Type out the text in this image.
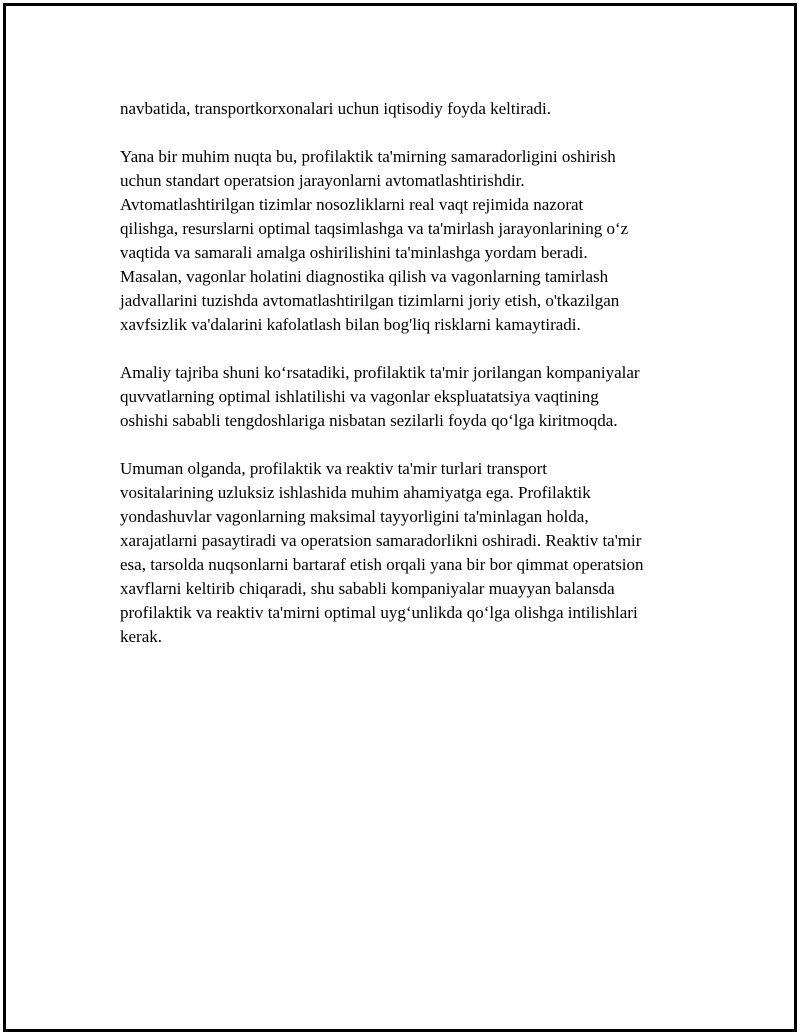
navbatida, transportkorxonalari uchun iqtisodiy foyda keltiradi.
Yana bir muhim nuqta bu, profilaktik ta'mirning samaradorligini oshirish
uchun standart operatsion jarayonlarni avtomatlashtirishdir.
Avtomatlashtirilgan tizimlar nosozliklarni real vaqt rejimida nazorat
qilishga, resurslarni optimal taqsimlashga va ta'mirlash jarayonlarining o‘z
vaqtida va samarali amalga oshirilishini ta'minlashga yordam beradi.
Masalan, vagonlar holatini diagnostika qilish va vagonlarning tamirlash
jadvallarini tuzishda avtomatlashtirilgan tizimlarni joriy etish, o'tkazilgan
xavfsizlik va'dalarini kafolatlash bilan bog'liq risklarni kamaytiradi.
Amaliy tajriba shuni ko‘rsatadiki, profilaktik ta'mir jorilangan kompaniyalar
quvvatlarning optimal ishlatilishi va vagonlar ekspluatatsiya vaqtining
oshishi sababli tengdoshlariga nisbatan sezilarli foyda qo‘lga kiritmoqda.
Umuman olganda, profilaktik va reaktiv ta'mir turlari transport
vositalarining uzluksiz ishlashida muhim ahamiyatga ega. Profilaktik
yondashuvlar vagonlarning maksimal tayyorligini ta'minlagan holda,
xarajatlarni pasaytiradi va operatsion samaradorlikni oshiradi. Reaktiv ta'mir
esa, tarsolda nuqsonlarni bartaraf etish orqali yana bir bor qimmat operatsion
xavflarni keltirib chiqaradi, shu sababli kompaniyalar muayyan balansda
profilaktik va reaktiv ta'mirni optimal uyg‘unlikda qo‘lga olishga intilishlari
kerak.
